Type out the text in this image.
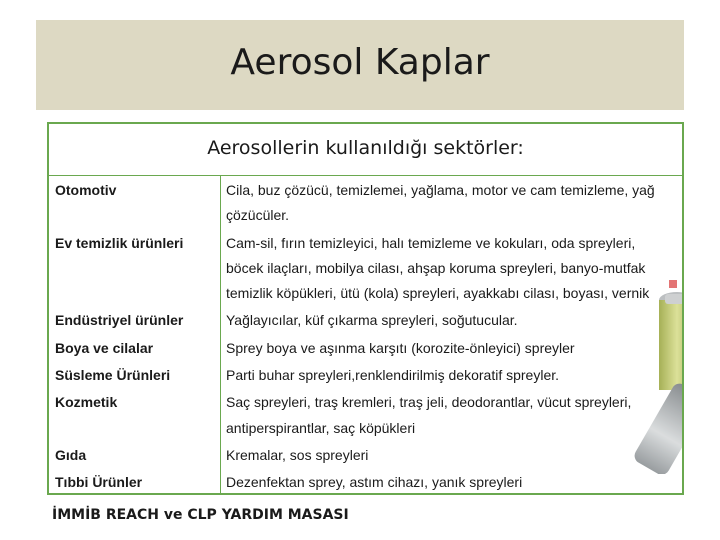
Aerosol Kaplar
Aerosollerin kullanıldığı sektörler:
Otomotiv	Cila, buz çözücü, temizlemei, yağlama, motor ve cam temizleme, yağ çözücüler.
Ev temizlik ürünleri	Cam-sil, fırın temizleyici, halı temizleme ve kokuları, oda spreyleri, böcek ilaçları, mobilya cilası, ahşap koruma spreyleri, banyo-mutfak temizlik köpükleri, ütü (kola) spreyleri, ayakkabı cilası, boyası, vernik
Endüstriyel ürünler	Yağlayıcılar, küf çıkarma spreyleri, soğutucular.
Boya ve cilalar	Sprey boya ve aşınma karşıtı (korozite-önleyici) spreyler
Süsleme Ürünleri	Parti buhar spreyleri,renklendirilmiş dekoratif spreyler.
Kozmetik	Saç spreyleri, traş kremleri, traş jeli, deodorantlar, vücut spreyleri, antiperspirantlar, saç köpükleri
Gıda	Kremalar, sos spreyleri
Tıbbi Ürünler	Dezenfektan sprey, astım cihazı, yanık spreyleri
İMMİB REACH ve CLP YARDIM MASASI
